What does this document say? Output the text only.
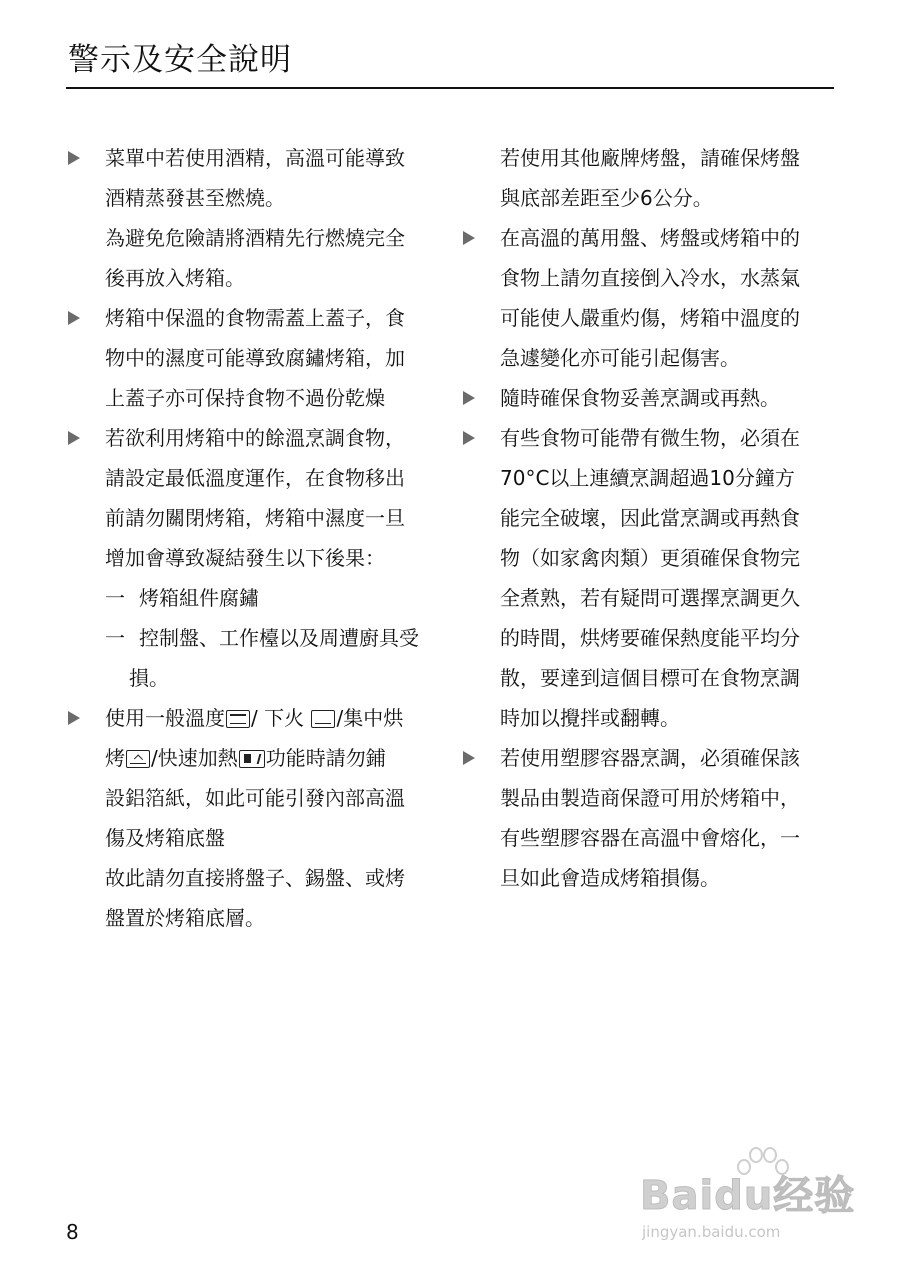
警示及安全說明
菜單中若使用酒精，高溫可能導致
酒精蒸發甚至燃燒。
為避免危險請將酒精先行燃燒完全
後再放入烤箱。
烤箱中保溫的食物需蓋上蓋子，食
物中的濕度可能導致腐鏽烤箱，加
上蓋子亦可保持食物不過份乾燥
若欲利用烤箱中的餘溫烹調食物，
請設定最低溫度運作，在食物移出
前請勿關閉烤箱，烤箱中濕度一旦
增加會導致凝結發生以下後果：
一 烤箱組件腐鏽
一 控制盤、工作檯以及周遭廚具受
損。
使用一般溫度 / 下火 /集中烘
烤 /快速加熱 功能時請勿鋪
設鋁箔紙，如此可能引發內部高溫
傷及烤箱底盤
故此請勿直接將盤子、錫盤、或烤
盤置於烤箱底層。
若使用其他廠牌烤盤，請確保烤盤
與底部差距至少6公分。
在高溫的萬用盤、烤盤或烤箱中的
食物上請勿直接倒入冷水，水蒸氣
可能使人嚴重灼傷，烤箱中溫度的
急遽變化亦可能引起傷害。
隨時確保食物妥善烹調或再熱。
有些食物可能帶有微生物，必須在
70°C以上連續烹調超過10分鐘方
能完全破壞，因此當烹調或再熱食
物（如家禽肉類）更須確保食物完
全煮熟，若有疑問可選擇烹調更久
的時間，烘烤要確保熱度能平均分
散，要達到這個目標可在食物烹調
時加以攪拌或翻轉。
若使用塑膠容器烹調，必須確保該
製品由製造商保證可用於烤箱中，
有些塑膠容器在高溫中會熔化，一
旦如此會造成烤箱損傷。
8
Baidu经验
jingyan.baidu.com
